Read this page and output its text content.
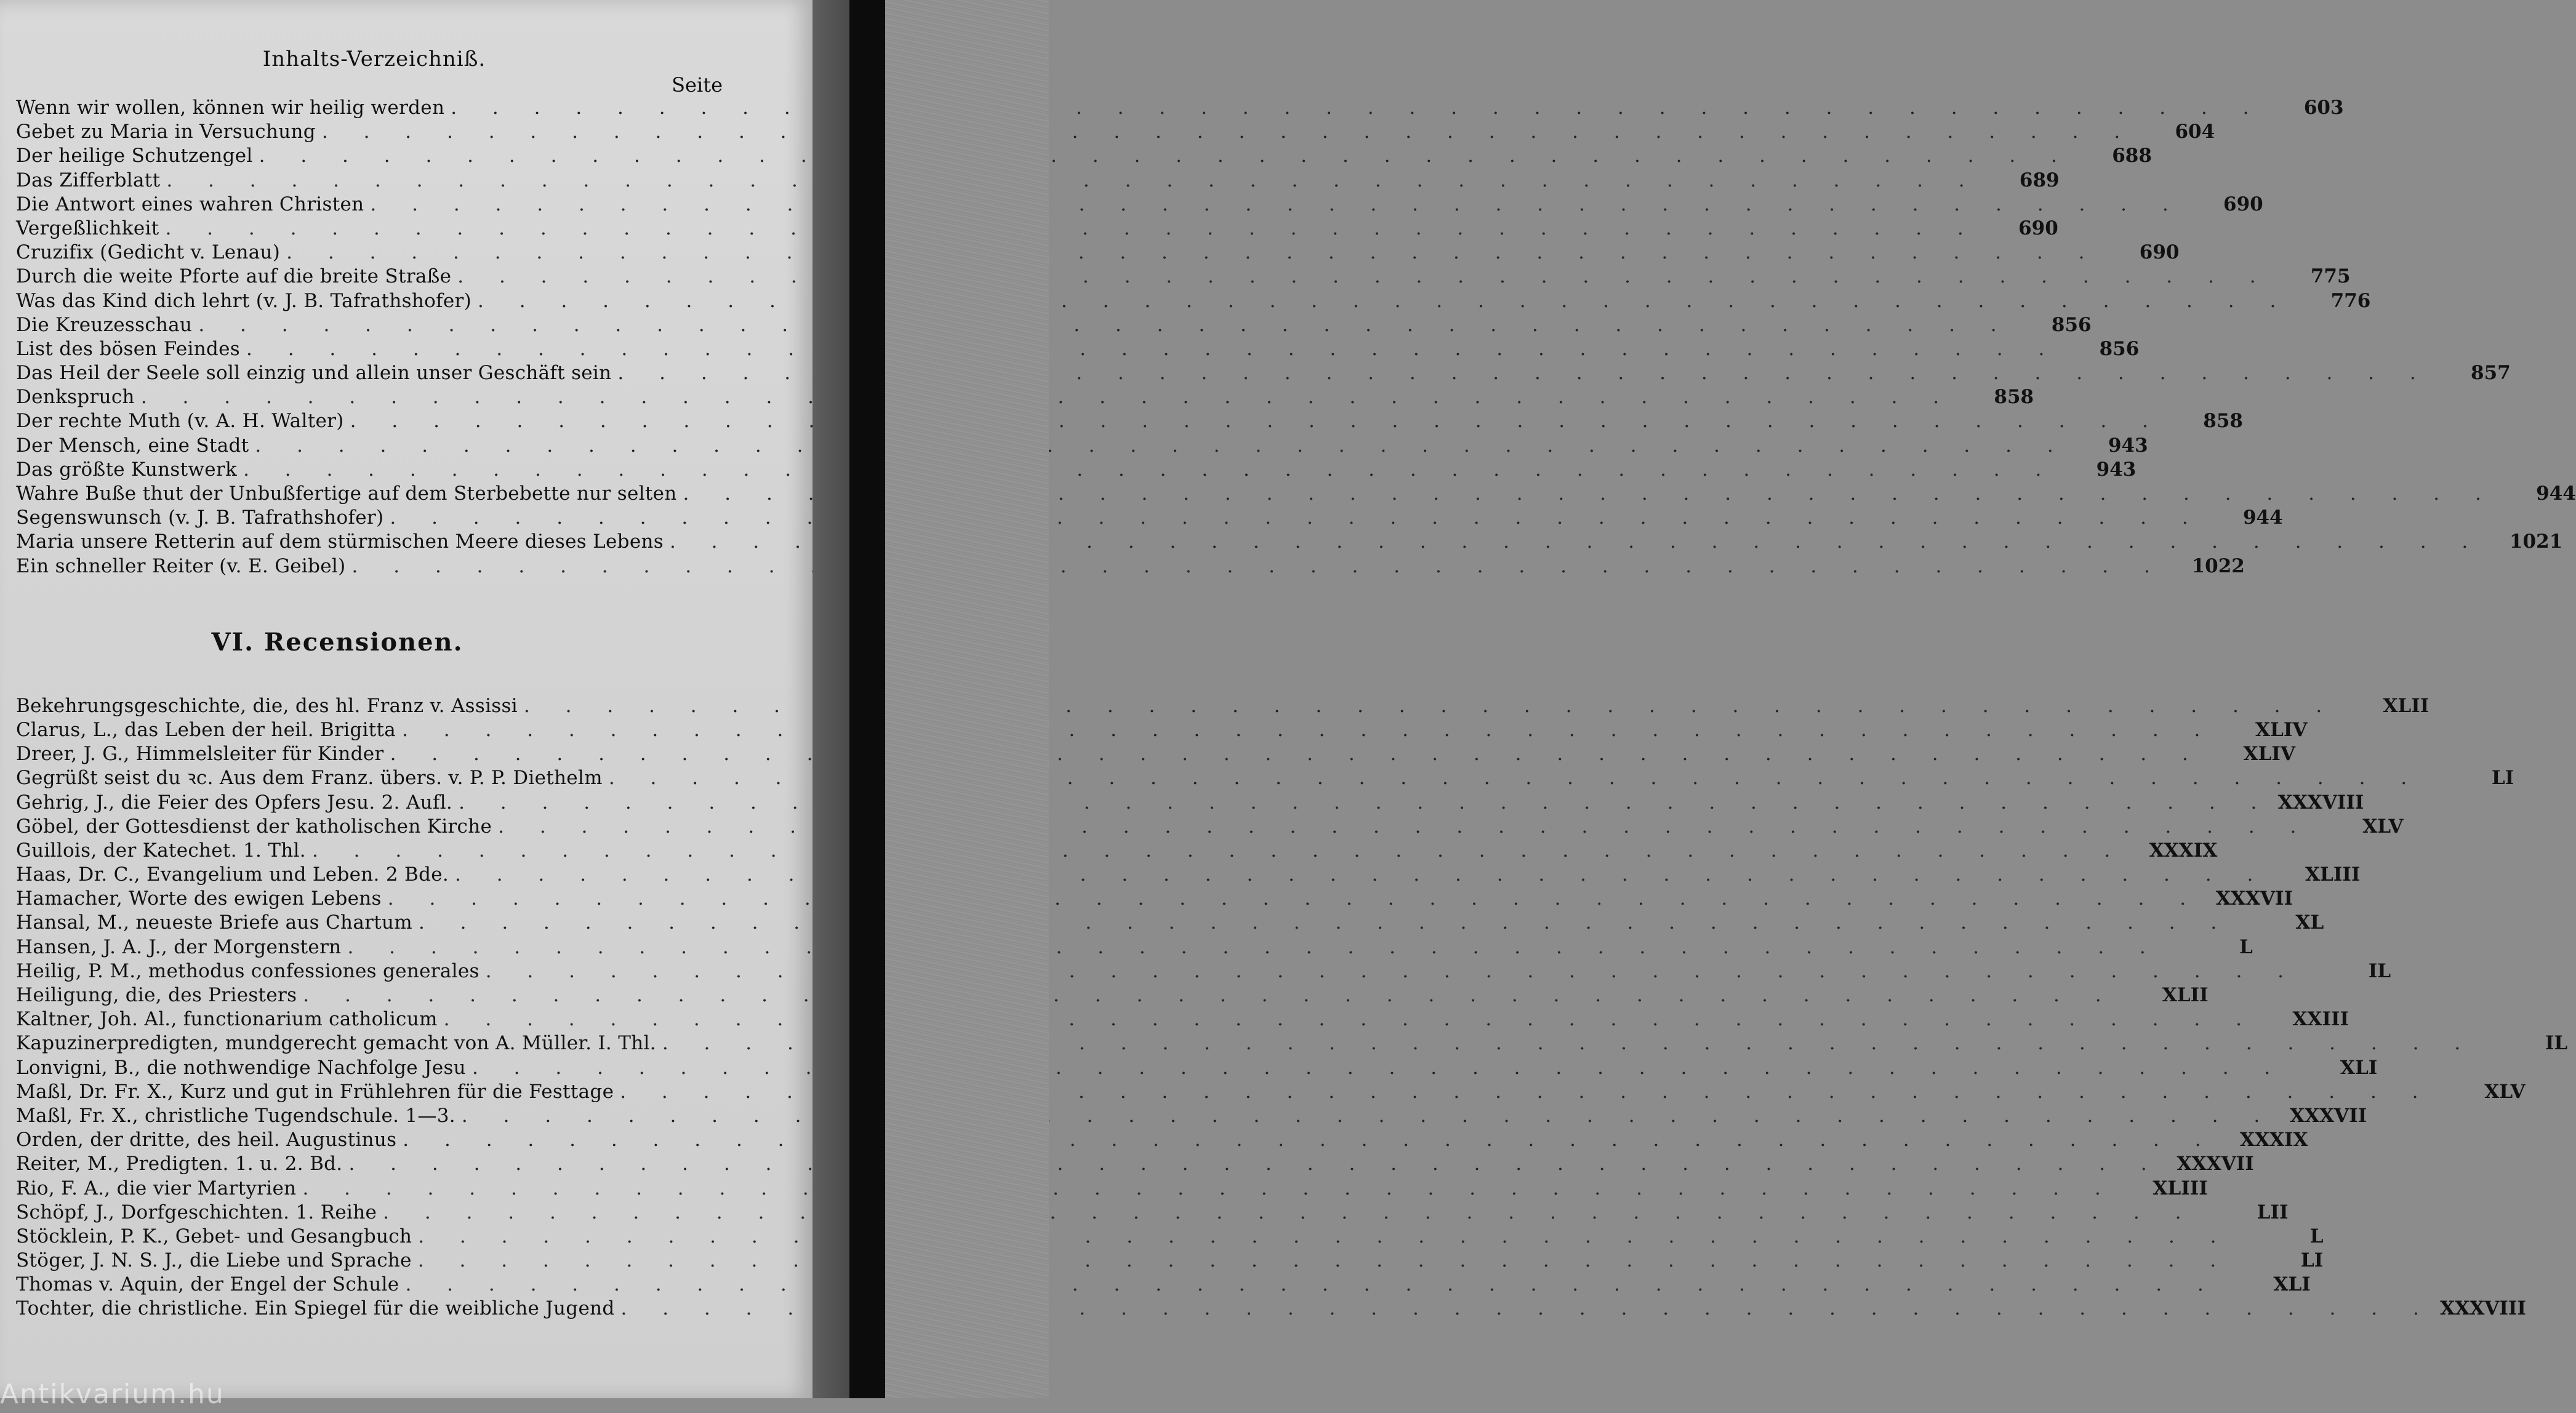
Inhalts-Verzeichniß.
Seite
Wenn wir wollen, können wir heilig werden . . .	603
Gebet zu Maria in Versuchung . . .	604
Der heilige Schutzengel . . .	688
Das Zifferblatt . . .	689
Die Antwort eines wahren Christen . . .	690
Vergeßlichkeit . . .	690
Cruzifix (Gedicht v. Lenau) . . .	690
Durch die weite Pforte auf die breite Straße . . .	775
Was das Kind dich lehrt (v. J. B. Tafrathshofer) . . .	776
Die Kreuzesschau . . .	856
List des bösen Feindes . . .	856
Das Heil der Seele soll einzig und allein unser Geschäft sein . . .	857
Denkspruch . . .	858
Der rechte Muth (v. A. H. Walter) . . .	858
Der Mensch, eine Stadt . . .	943
Das größte Kunstwerk . . .	943
Wahre Buße thut der Unbußfertige auf dem Sterbebette nur selten . . .	944
Segenswunsch (v. J. B. Tafrathshofer) . . .	944
Maria unsere Retterin auf dem stürmischen Meere dieses Lebens . . .	1021
Ein schneller Reiter (v. E. Geibel) . . .	1022
VI. Recensionen.
Bekehrungsgeschichte, die, des hl. Franz v. Assissi . . .	XLII
Clarus, L., das Leben der heil. Brigitta . . .	XLIV
Dreer, J. G., Himmelsleiter für Kinder . . .	XLIV
Gegrüßt seist du ꝛc. Aus dem Franz. übers. v. P. P. Diethelm . . .	LI
Gehrig, J., die Feier des Opfers Jesu. 2. Aufl. . . .	XXXVIII
Göbel, der Gottesdienst der katholischen Kirche . . .	XLV
Guillois, der Katechet. 1. Thl. . . .	XXXIX
Haas, Dr. C., Evangelium und Leben. 2 Bde. . . .	XLIII
Hamacher, Worte des ewigen Lebens . . .	XXXVII
Hansal, M., neueste Briefe aus Chartum . . .	XL
Hansen, J. A. J., der Morgenstern . . .	L
Heilig, P. M., methodus confessiones generales . . .	IL
Heiligung, die, des Priesters . . .	XLII
Kaltner, Joh. Al., functionarium catholicum . . .	XXIII
Kapuzinerpredigten, mundgerecht gemacht von A. Müller. I. Thl. . . .	IL
Lonvigni, B., die nothwendige Nachfolge Jesu . . .	XLI
Maßl, Dr. Fr. X., Kurz und gut in Frühlehren für die Festtage . . .	XLV
Maßl, Fr. X., christliche Tugendschule. 1—3. . . .	XXXVII
Orden, der dritte, des heil. Augustinus . . .	XXXIX
Reiter, M., Predigten. 1. u. 2. Bd. . . .	XXXVII
Rio, F. A., die vier Martyrien . . .	XLIII
Schöpf, J., Dorfgeschichten. 1. Reihe . . .	LII
Stöcklein, P. K., Gebet- und Gesangbuch . . .	L
Stöger, J. N. S. J., die Liebe und Sprache . . .	LI
Thomas v. Aquin, der Engel der Schule . . .	XLI
Tochter, die christliche. Ein Spiegel für die weibliche Jugend . . .	XXXVIII
Antikvarium.hu
